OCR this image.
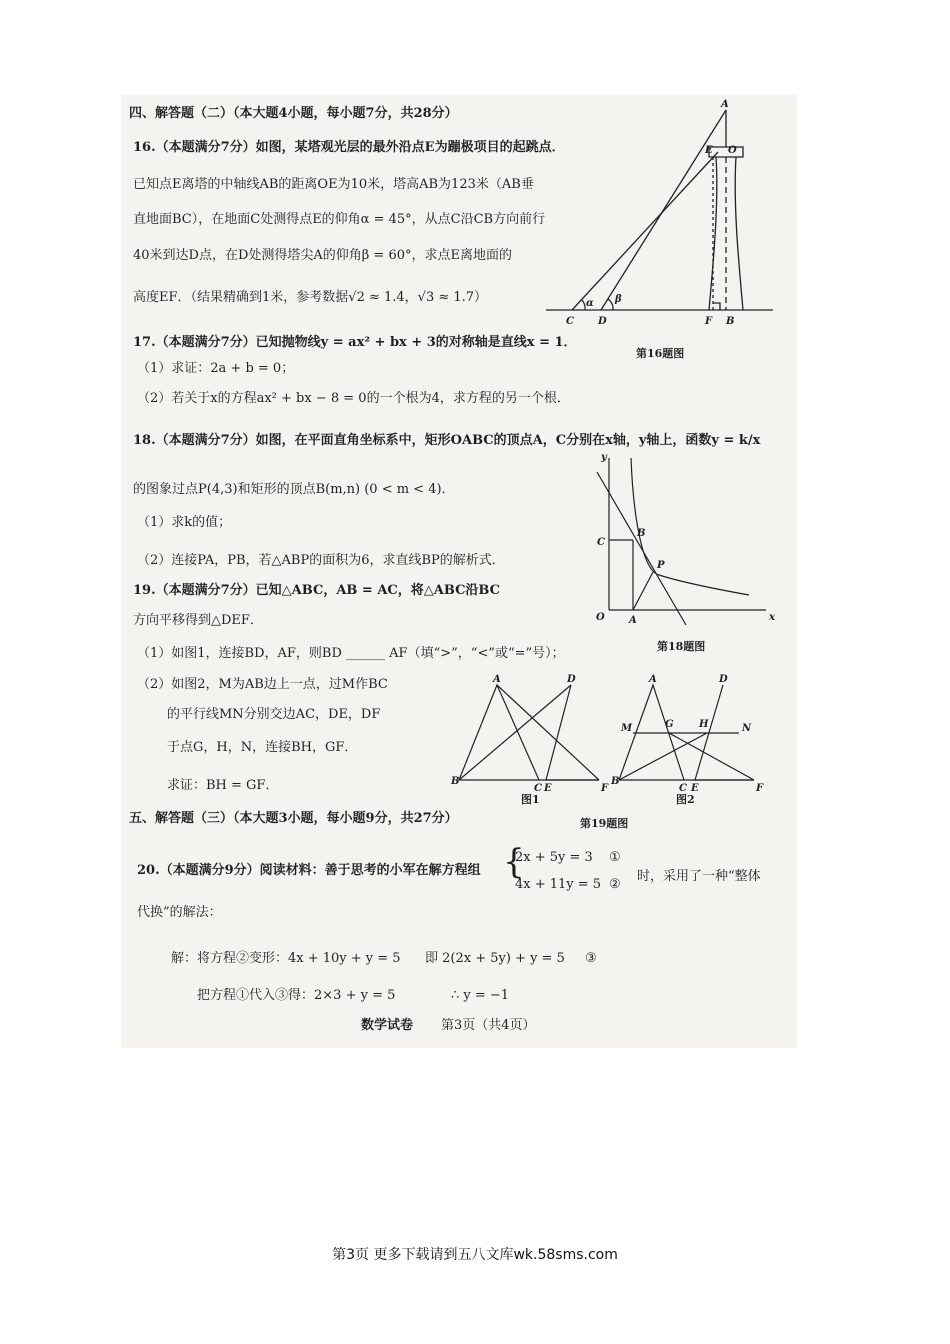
四、解答题（二）（本大题4小题，每小题7分，共28分）
16.（本题满分7分）如图，某塔观光层的最外沿点E为蹦极项目的起跳点．
已知点E离塔的中轴线AB的距离OE为10米，塔高AB为123米（AB垂
直地面BC），在地面C处测得点E的仰角α = 45°，从点C沿CB方向前行
40米到达D点，在D处测得塔尖A的仰角β = 60°，求点E离地面的
高度EF．（结果精确到1米，参考数据√2 ≈ 1.4，√3 ≈ 1.7）
A
E O
α β
C D	F B
第16题图
17.（本题满分7分）已知抛物线y = ax² + bx + 3的对称轴是直线x = 1．
（1）求证：2a + b = 0；
（2）若关于x的方程ax² + bx − 8 = 0的一个根为4，求方程的另一个根．
18.（本题满分7分）如图，在平面直角坐标系中，矩形OABC的顶点A，C分别在x轴，y轴上，函数y = k/x
的图象过点P(4,3)和矩形的顶点B(m,n) (0 < m < 4)．
（1）求k的值；
（2）连接PA，PB，若△ABP的面积为6，求直线BP的解析式．
y
x
O A
B
C
P
第18题图
19.（本题满分7分）已知△ABC，AB = AC，将△ABC沿BC
方向平移得到△DEF．
（1）如图1，连接BD，AF，则BD ______ AF（填“>”，“<”或“=”号）；
（2）如图2，M为AB边上一点，过M作BC
的平行线MN分别交边AC，DE，DF
于点G，H，N，连接BH，GF．
求证：BH = GF．
A	D
B
C E	F
图1
A	D
M	G	H	N
B
C E	F
图2
第19题图
五、解答题（三）（本大题3小题，每小题9分，共27分）
20.（本题满分9分）阅读材料：善于思考的小军在解方程组 {
2x + 5y = 3 ①
4x + 11y = 5 ②
时，采用了一种“整体
代换”的解法：
解：将方程②变形：4x + 10y + y = 5 即 2(2x + 5y) + y = 5 ③
把方程①代入③得：2×3 + y = 5	∴ y = −1
数学试卷 第3页（共4页）
第3页 更多下载请到五八文库wk.58sms.com
